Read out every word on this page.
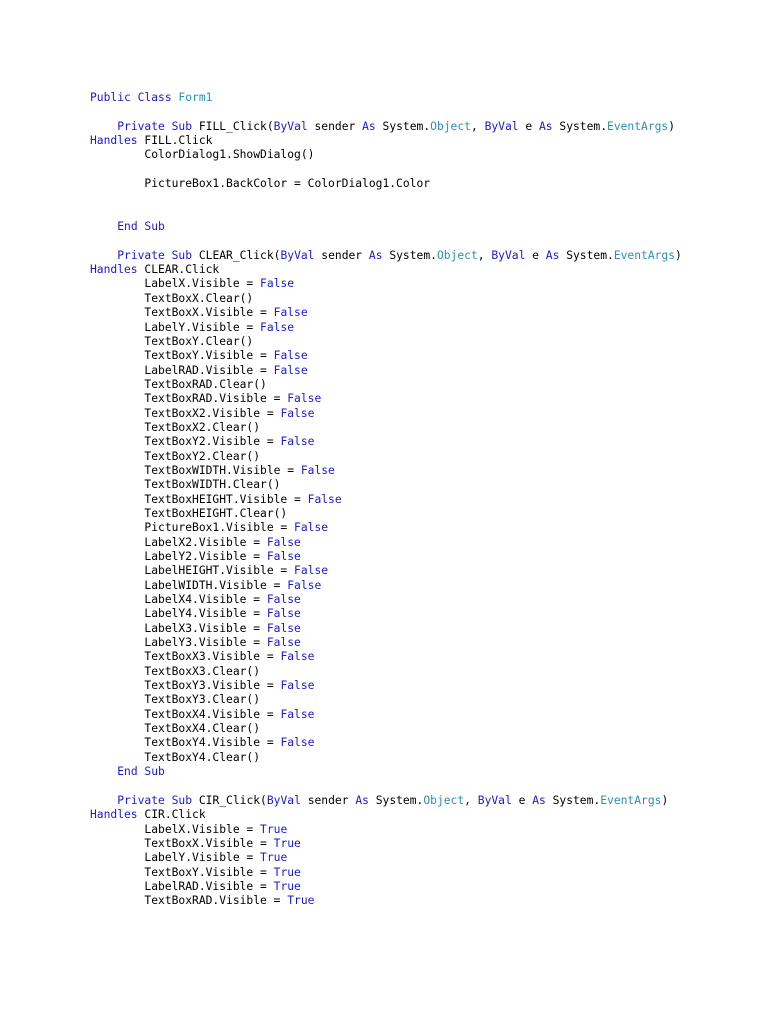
Public Class Form1

Private Sub FILL_Click(ByVal sender As System.Object, ByVal e As System.EventArgs)
Handles FILL.Click
ColorDialog1.ShowDialog()

PictureBox1.BackColor = ColorDialog1.Color

End Sub

Private Sub CLEAR_Click(ByVal sender As System.Object, ByVal e As System.EventArgs)
Handles CLEAR.Click
LabelX.Visible = False
TextBoxX.Clear()
TextBoxX.Visible = False
LabelY.Visible = False
TextBoxY.Clear()
TextBoxY.Visible = False
LabelRAD.Visible = False
TextBoxRAD.Clear()
TextBoxRAD.Visible = False
TextBoxX2.Visible = False
TextBoxX2.Clear()
TextBoxY2.Visible = False
TextBoxY2.Clear()
TextBoxWIDTH.Visible = False
TextBoxWIDTH.Clear()
TextBoxHEIGHT.Visible = False
TextBoxHEIGHT.Clear()
PictureBox1.Visible = False
LabelX2.Visible = False
LabelY2.Visible = False
LabelHEIGHT.Visible = False
LabelWIDTH.Visible = False
LabelX4.Visible = False
LabelY4.Visible = False
LabelX3.Visible = False
LabelY3.Visible = False
TextBoxX3.Visible = False
TextBoxX3.Clear()
TextBoxY3.Visible = False
TextBoxY3.Clear()
TextBoxX4.Visible = False
TextBoxX4.Clear()
TextBoxY4.Visible = False
TextBoxY4.Clear()
End Sub

Private Sub CIR_Click(ByVal sender As System.Object, ByVal e As System.EventArgs)
Handles CIR.Click
LabelX.Visible = True
TextBoxX.Visible = True
LabelY.Visible = True
TextBoxY.Visible = True
LabelRAD.Visible = True
TextBoxRAD.Visible = True
